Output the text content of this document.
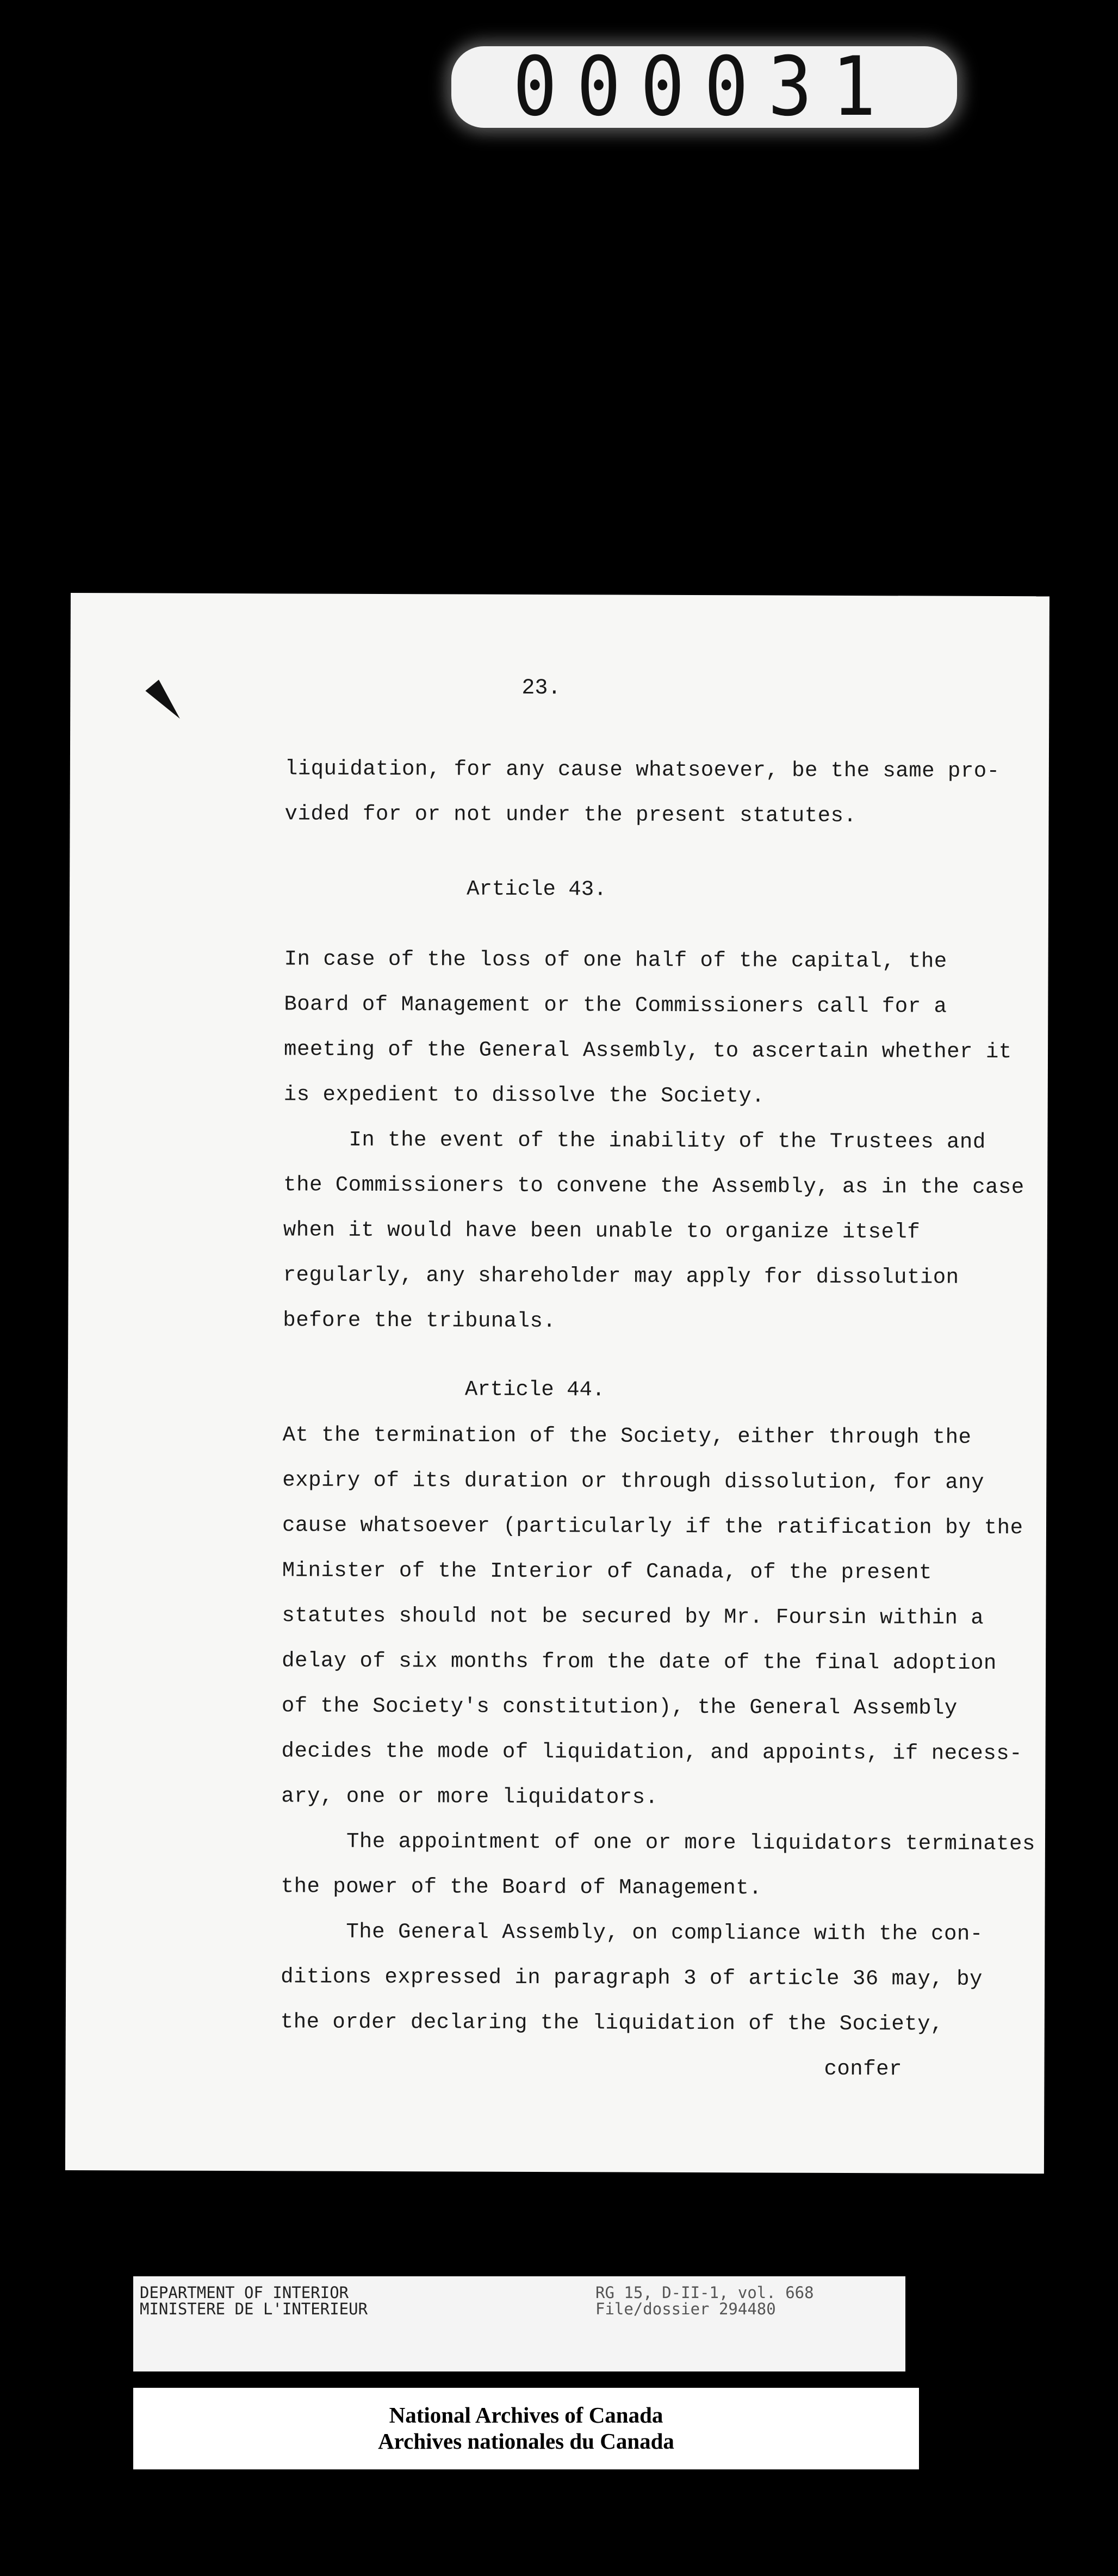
000031
23.
liquidation, for any cause whatsoever, be the same pro-
vided for or not under the present statutes.
Article 43.
In case of the loss of one half of the capital, the
Board of Management or the Commissioners call for a
meeting of the General Assembly, to ascertain whether it
is expedient to dissolve the Society.
In the event of the inability of the Trustees and
the Commissioners to convene the Assembly, as in the case
when it would have been unable to organize itself
regularly, any shareholder may apply for dissolution
before the tribunals.
Article 44.
At the termination of the Society, either through the
expiry of its duration or through dissolution, for any
cause whatsoever (particularly if the ratification by the
Minister of the Interior of Canada, of the present
statutes should not be secured by Mr. Foursin within a
delay of six months from the date of the final adoption
of the Society's constitution), the General Assembly
decides the mode of liquidation, and appoints, if necess-
ary, one or more liquidators.
The appointment of one or more liquidators terminates
the power of the Board of Management.
The General Assembly, on compliance with the con-
ditions expressed in paragraph 3 of article 36 may, by
the order declaring the liquidation of the Society,
confer
DEPARTMENT OF INTERIOR
MINISTERE DE L'INTERIEUR
RG 15, D-II-1, vol. 668
File/dossier 294480
National Archives of Canada
Archives nationales du Canada
